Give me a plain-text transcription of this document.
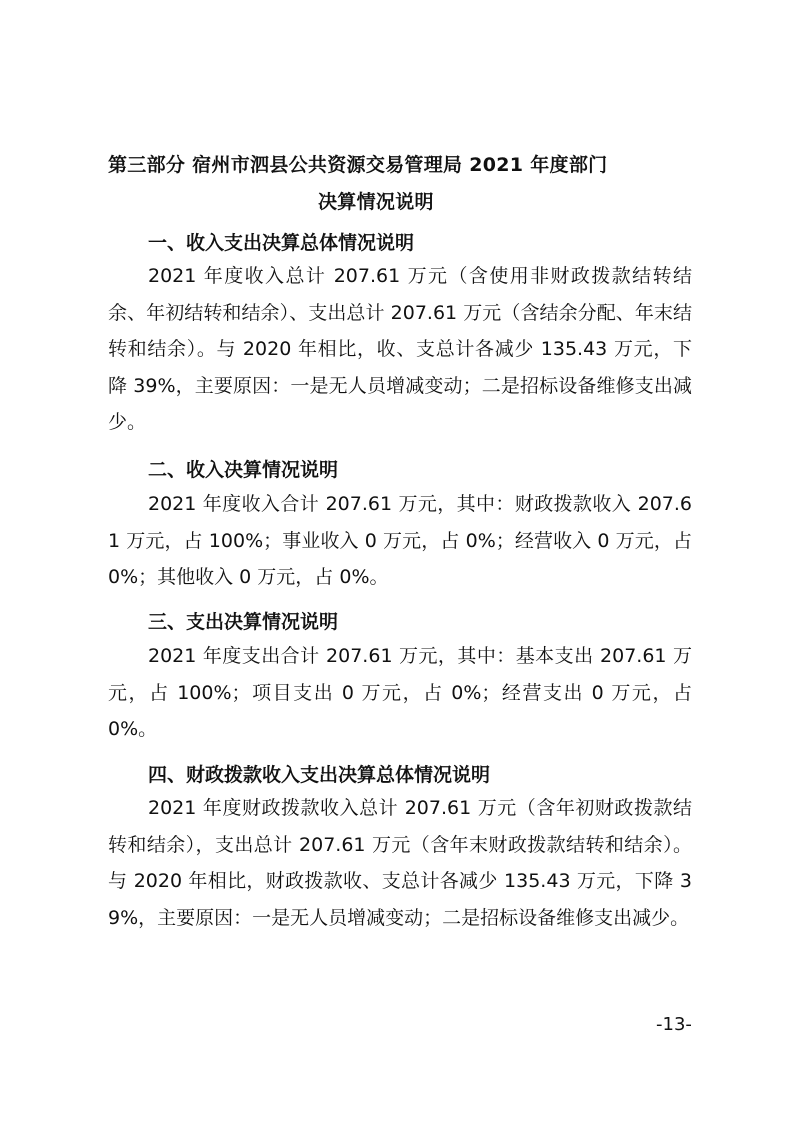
第三部分 宿州市泗县公共资源交易管理局 2021 年度部门
决算情况说明
一、收入支出决算总体情况说明
2021 年度收入总计 207.61 万元（含使用非财政拨款结转结余、年初结转和结余）、支出总计 207.61 万元（含结余分配、年末结转和结余）。与 2020 年相比，收、支总计各减少 135.43 万元，下降 39%，主要原因：一是无人员增减变动；二是招标设备维修支出减少。
二、收入决算情况说明
2021 年度收入合计 207.61 万元，其中：财政拨款收入 207.61 万元，占 100%；事业收入 0 万元，占 0%；经营收入 0 万元，占 0%；其他收入 0 万元，占 0%。
三、支出决算情况说明
2021 年度支出合计 207.61 万元，其中：基本支出 207.61 万元，占 100%；项目支出 0 万元，占 0%；经营支出 0 万元，占 0%。
四、财政拨款收入支出决算总体情况说明
2021 年度财政拨款收入总计 207.61 万元（含年初财政拨款结转和结余），支出总计 207.61 万元（含年末财政拨款结转和结余）。与 2020 年相比，财政拨款收、支总计各减少 135.43 万元，下降 39%，主要原因：一是无人员增减变动；二是招标设备维修支出减少。
-13-
